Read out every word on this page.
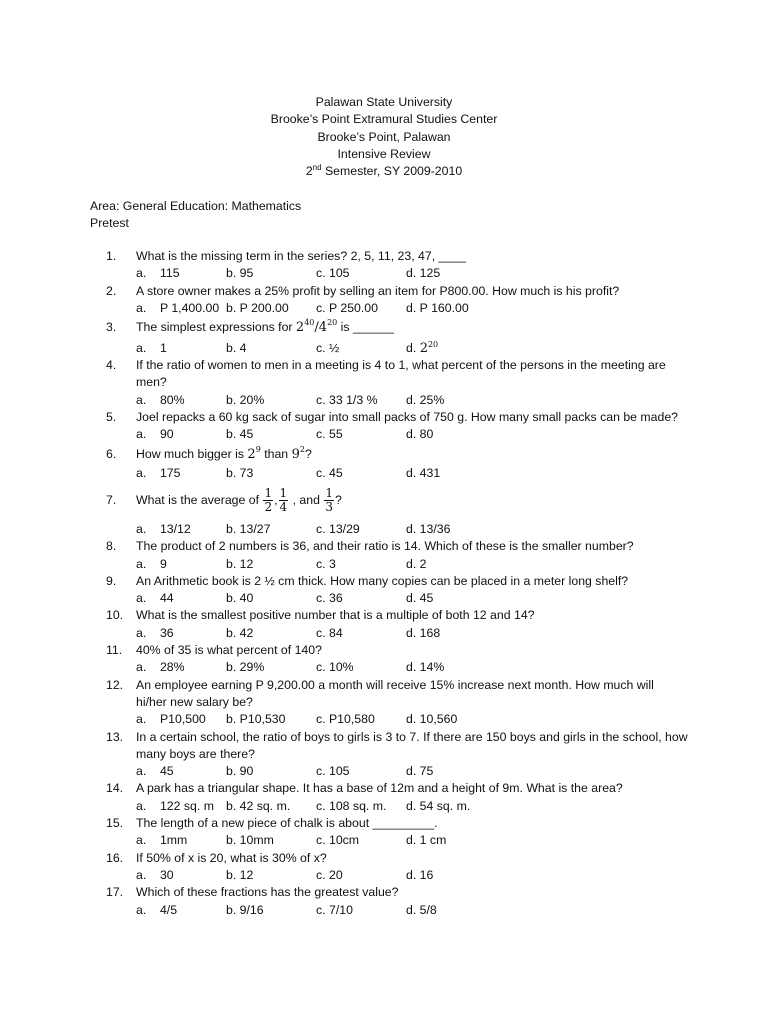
Palawan State University
Brooke’s Point Extramural Studies Center
Brooke’s Point, Palawan
Intensive Review
2nd Semester, SY 2009-2010
Area: General Education: Mathematics
Pretest
1.	What is the missing term in the series? 2, 5, 11, 23, 47, ____
a. 115	b. 95	c. 105	d. 125
2.	A store owner makes a 25% profit by selling an item for P800.00. How much is his profit?
a. P 1,400.00 b. P 200.00 c. P 250.00 d. P 160.00
3.	The simplest expressions for $2^{40}/4^{20}$ is ______
a. 1	b. 4	c. ½	d. $2^{20}$
4.	If the ratio of women to men in a meeting is 4 to 1, what percent of the persons in the meeting are men?
a. 80%	b. 20%	c. 33 1/3 % d. 25%
5.	Joel repacks a 60 kg sack of sugar into small packs of 750 g. How many small packs can be made?
a. 90	b. 45	c. 55	d. 80
6.	How much bigger is $2^9$ than $9^2$?
a. 175	b. 73	c. 45	d. 431
7.	What is the average of $\frac{1}{2}$ , $\frac{1}{4}$ , and $\frac{1}{3}$ ?
a. 13/12	b. 13/27	c. 13/29	d. 13/36
8.	The product of 2 numbers is 36, and their ratio is 14. Which of these is the smaller number?
a. 9	b. 12	c. 3	d. 2
9.	An Arithmetic book is 2 ½ cm thick. How many copies can be placed in a meter long shelf?
a. 44	b. 40	c. 36	d. 45
10.	What is the smallest positive number that is a multiple of both 12 and 14?
a. 36	b. 42	c. 84	d. 168
11.	40% of 35 is what percent of 140?
a. 28%	b. 29%	c. 10%	d. 14%
12.	An employee earning P 9,200.00 a month will receive 15% increase next month. How much will hi/her new salary be?
a. P10,500 b. P10,530 c. P10,580	d. 10,560
13.	In a certain school, the ratio of boys to girls is 3 to 7. If there are 150 boys and girls in the school, how many boys are there?
a. 45	b. 90	c. 105	d. 75
14.	A park has a triangular shape. It has a base of 12m and a height of 9m. What is the area?
a. 122 sq. m b. 42 sq. m. c. 108 sq. m. d. 54 sq. m.
15.	The length of a new piece of chalk is about _________.
a. 1mm	b. 10mm	c. 10cm	d. 1 cm
16.	If 50% of x is 20, what is 30% of x?
a. 30	b. 12	c. 20	d. 16
17.	Which of these fractions has the greatest value?
a. 4/5	b. 9/16	c. 7/10	d. 5/8
